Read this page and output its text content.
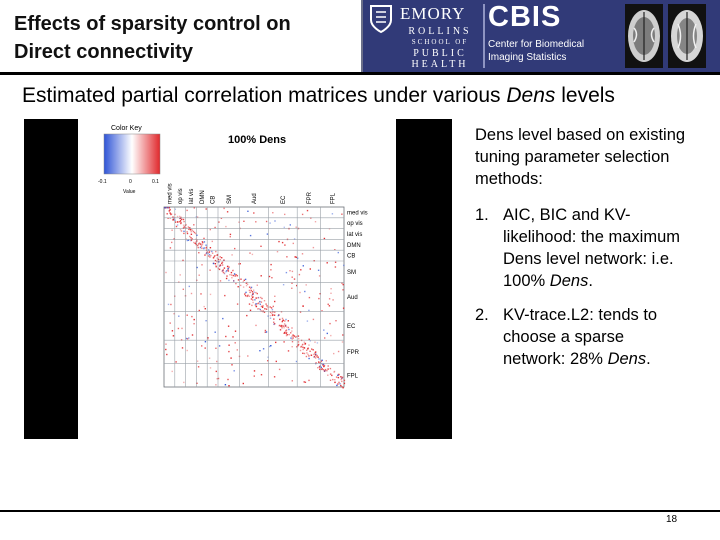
Effects of sparsity control on
Direct connectivity
EMORY
ROLLINS
SCHOOL OF
PUBLIC
HEALTH
CBIS
Center for Biomedical
Imaging Statistics
Estimated partial correlation matrices under various Dens levels
Color Key
-0.1	0	0.1
Value
100% Dens
med vis op vis lat vis DMN CB SM	Aud	EC	FPR	FPL
med vis
op vis
lat vis
DMN
CB
SM
Aud
EC
FPR
FPL

Dens level based on existing tuning parameter selection methods:

1. AIC, BIC and KV-likelihood: the maximum Dens level network: i.e. 100% Dens.
2. KV-trace.L2: tends to choose a sparse network: 28% Dens.
18
